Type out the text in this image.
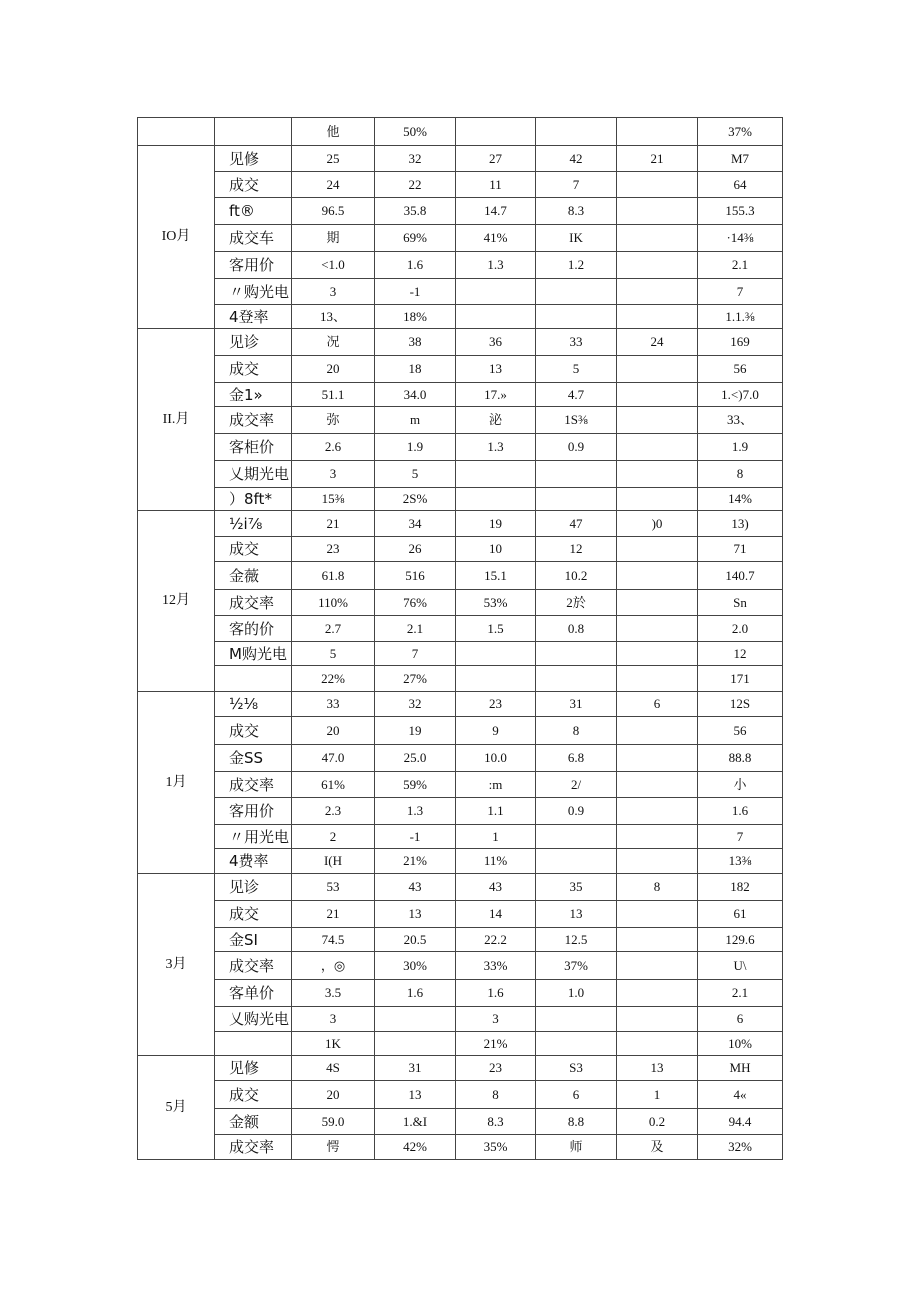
		他	50%				37%
IO月	见修	25	32	27	42	21	M7
	成交	24	22	11	7		64
	ft®	96.5	35.8	14.7	8.3		155.3
	成交车	期	69%	41%	IK		·14⅜
	客用价	<1.0	1.6	1.3	1.2		2.1
	〃购光电	3	-1				7
	4登率	13、	18%				1.1.⅜
II.月	见诊	况	38	36	33	24	169
	成交	20	18	13	5		56
	金1»	51.1	34.0	17.»	4.7		1.<)7.0
	成交率	弥	m	泌	1S⅜		33、
	客柜价	2.6	1.9	1.3	0.9		1.9
	乂期光电	3	5				8
	）8ft*	15⅜	2S%				14%
12月	½i⅞	21	34	19	47	)0	13)
	成交	23	26	10	12		71
	金薇	61.8	516	15.1	10.2		140.7
	成交率	110%	76%	53%	2於		Sn
	客的价	2.7	2.1	1.5	0.8		2.0
	M购光电	5	7				12
		22%	27%				171
1月	½⅛	33	32	23	31	6	12S
	成交	20	19	9	8		56
	金SS	47.0	25.0	10.0	6.8		88.8
	成交率	61%	59%	:m	2/		小
	客用价	2.3	1.3	1.1	0.9		1.6
	〃用光电	2	-1	1			7
	4费率	I(H	21%	11%			13⅜
3月	见诊	53	43	43	35	8	182
	成交	21	13	14	13		61
	金SI	74.5	20.5	22.2	12.5		129.6
	成交率	，◎	30%	33%	37%		U\
	客单价	3.5	1.6	1.6	1.0		2.1
	乂购光电	3		3			6
		1K		21%			10%
5月	见修	4S	31	23	S3	13	MH
	成交	20	13	8	6	1	4«
	金额	59.0	1.&I	8.3	8.8	0.2	94.4
	成交率	愕	42%	35%	师	及	32%
